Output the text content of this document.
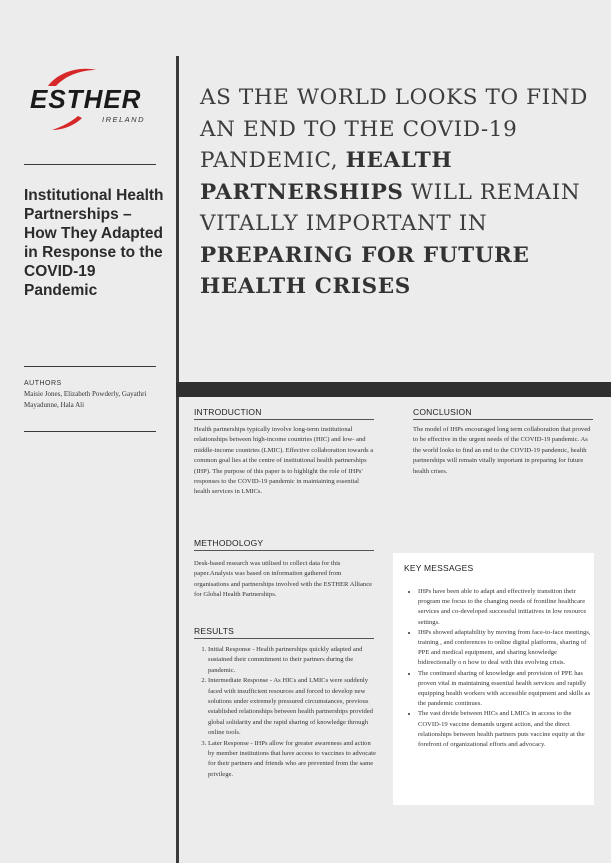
ESTHER
IRELAND
Institutional Health Partnerships – How They Adapted in Response to the COVID-19 Pandemic
AUTHORS
Maisie Jones, Elizabeth Powderly, Gayathri Mayadunne, Hala Ali
AS THE WORLD LOOKS TO FIND AN END TO THE COVID-19 PANDEMIC, HEALTH PARTNERSHIPS WILL REMAIN VITALLY IMPORTANT IN PREPARING FOR FUTURE HEALTH CRISES
INTRODUCTION
Health partnerships typically involve long-term institutional relationships between high-income countries (HIC) and low- and middle-income countries (LMIC). Effective collaboration towards a common goal lies at the centre of institutional health partnerships (IHP). The purpose of this paper is to highlight the role of IHPs' responses to the COVID-19 pandemic in maintaining essential health services in LMICs.
METHODOLOGY
Desk-based research was utilised to collect data for this paper.Analysis was based on information gathered from organisations and partnerships involved with the ESTHER Alliance for Global Health Partnerships.
RESULTS
1. Initial Response - Health partnerships quickly adapted and sustained their commitment to their partners during the pandemic.
2. Intermediate Response - As HICs and LMICs were suddenly faced with insufficient resources and forced to develop new solutions under extremely pressured circumstances, previous established relationships between health partnerships provided global solidarity and the rapid sharing of knowledge through online tools.
3. Later Response - IHPs allow for greater awareness and action by member institutions that have access to vaccines to advocate for their partners and friends who are prevented from the same privilege.
CONCLUSION
The model of IHPs encouraged long term collaboration that proved to be effective in the urgent needs of the COVID-19 pandemic. As the world looks to find an end to the COVID-19 pandemic, health partnerships will remain vitally important in preparing for future health crises.
KEY MESSAGES
• IHPs have been able to adapt and effectively transition their program me focus to the changing needs of frontline healthcare services and co-developed successful initiatives in low resource settings.
• IHPs showed adaptability by moving from face-to-face meetings, training , and conferences to online digital platforms, sharing of PPE and medical equipment, and sharing knowledge bidirectionally o n how to deal with this evolving crisis.
• The continued sharing of knowledge and provision of PPE has proven vital in maintaining essential health services and rapidly equipping health workers with accessible equipment and skills as the pandemic continues.
• The vast divide between HICs and LMICs in access to the COVID-19 vaccine demands urgent action, and the direct relationships between health partners puts vaccine equity at the forefront of organizational efforts and advocacy.
